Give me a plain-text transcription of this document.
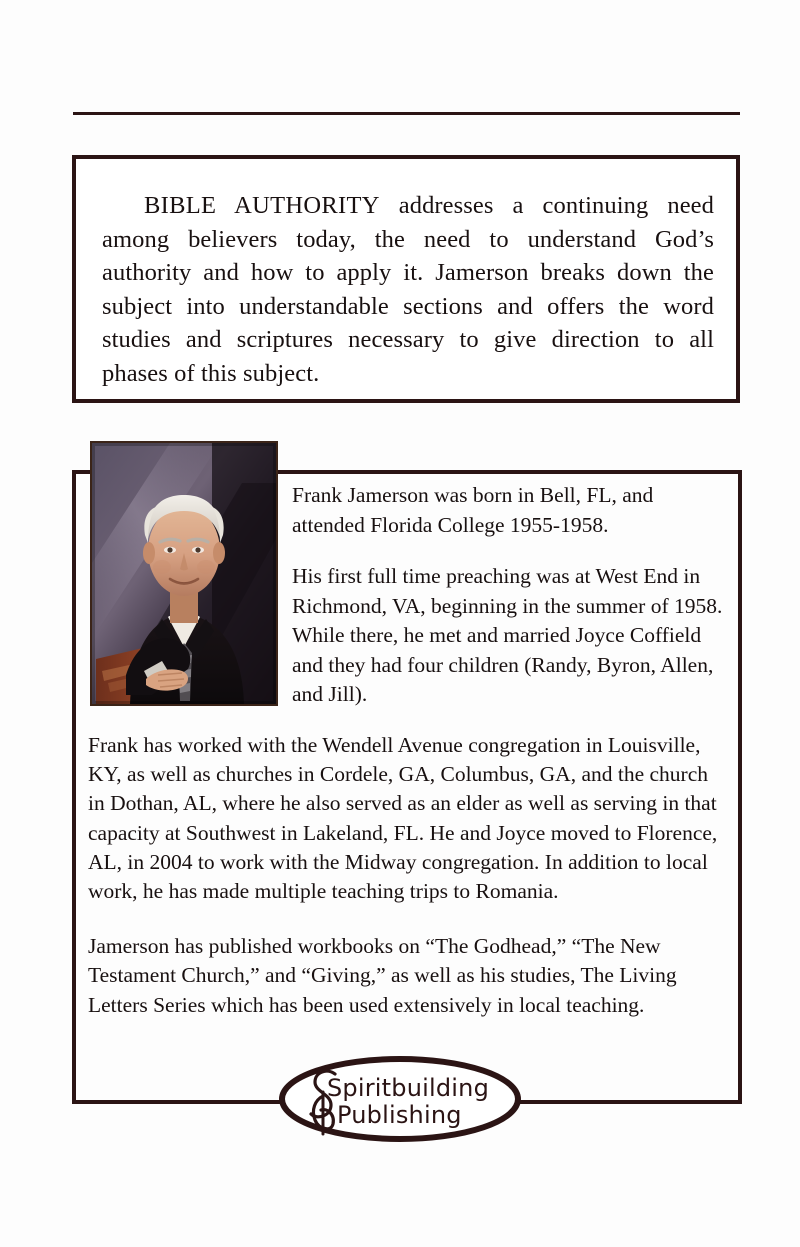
BIBLE AUTHORITY addresses a continuing need among believers today, the need to understand God’s authority and how to apply it. Jamerson breaks down the subject into understandable sections and offers the word studies and scriptures necessary to give direction to all phases of this subject.

Frank Jamerson was born in Bell, FL, and attended Florida College 1955-1958.

His first full time preaching was at West End in Richmond, VA, beginning in the summer of 1958. While there, he met and married Joyce Coffield and they had four children (Randy, Byron, Allen, and Jill).

Frank has worked with the Wendell Avenue congregation in Louisville, KY, as well as churches in Cordele, GA, Columbus, GA, and the church in Dothan, AL, where he also served as an elder as well as serving in that capacity at Southwest in Lakeland, FL. He and Joyce moved to Florence, AL, in 2004 to work with the Midway congregation. In addition to local work, he has made multiple teaching trips to Romania.

Jamerson has published workbooks on “The Godhead,” “The New Testament Church,” and “Giving,” as well as his studies, The Living Letters Series which has been used extensively in local teaching.

Spiritbuilding
Publishing
